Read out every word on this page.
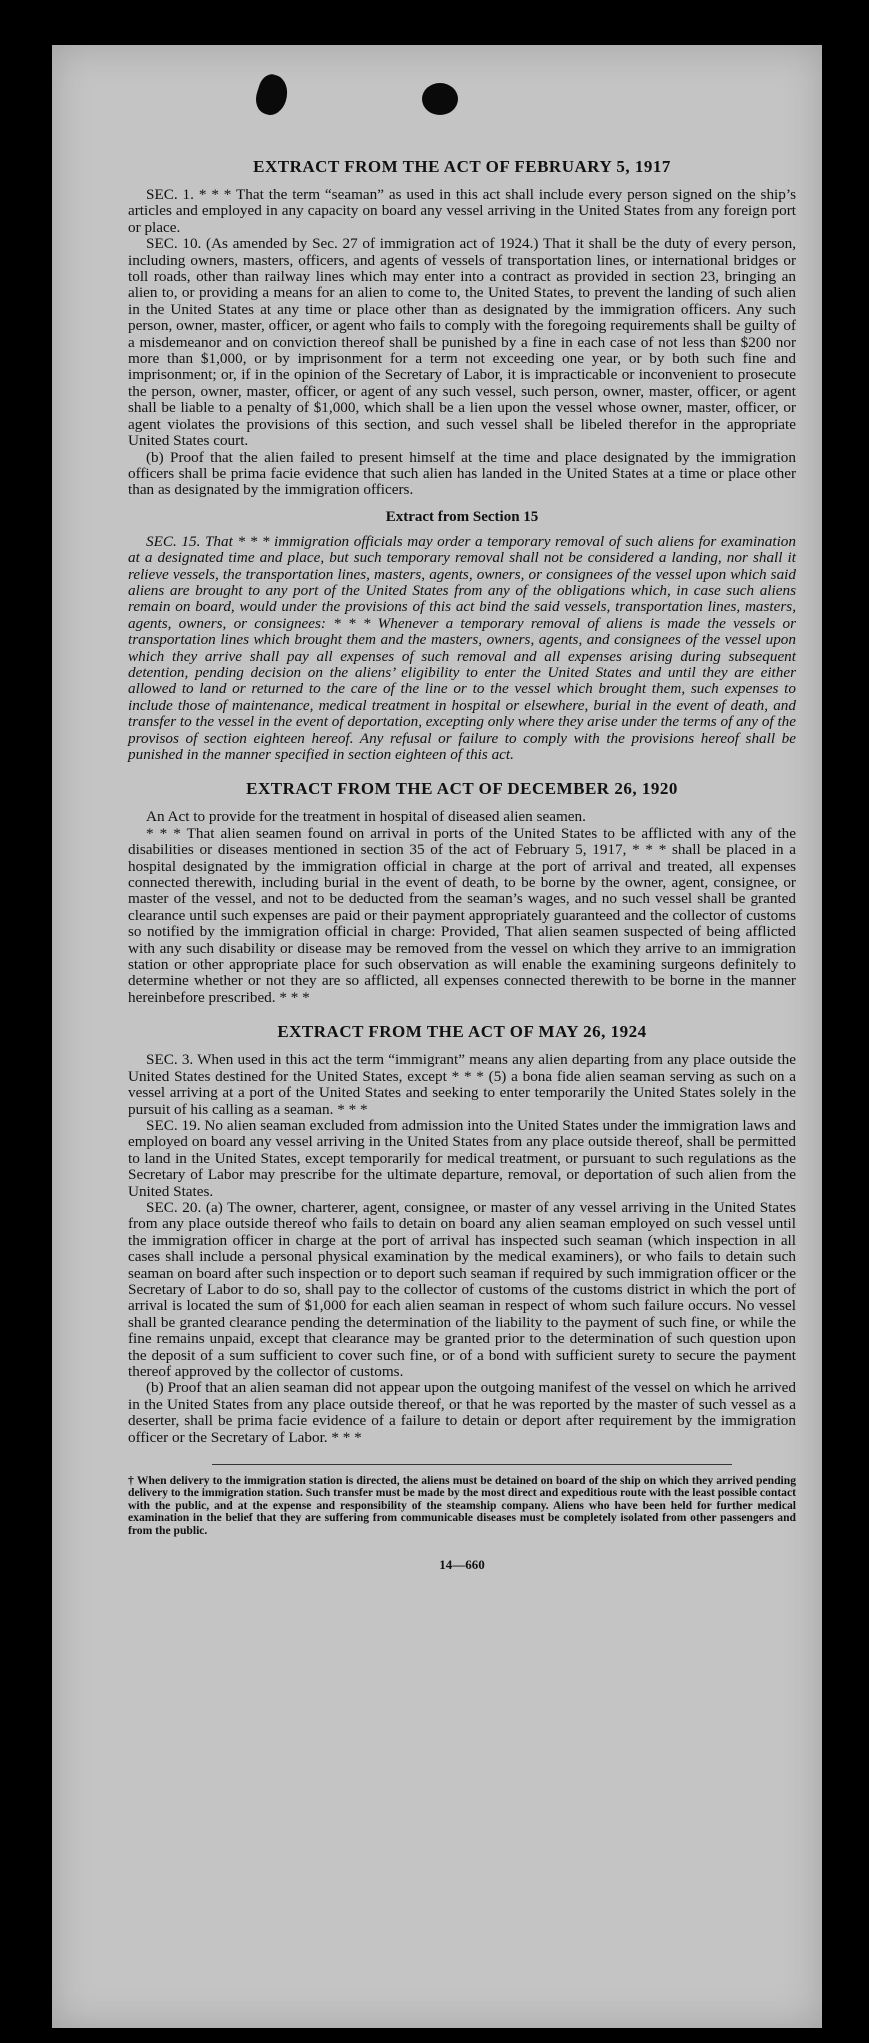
EXTRACT FROM THE ACT OF FEBRUARY 5, 1917

SEC. 1. * * * That the term “seaman” as used in this act shall include every person signed on the ship’s articles and employed in any capacity on board any vessel arriving in the United States from any foreign port or place.

SEC. 10. (As amended by Sec. 27 of immigration act of 1924.) That it shall be the duty of every person, including owners, masters, officers, and agents of vessels of transportation lines, or international bridges or toll roads, other than railway lines which may enter into a contract as provided in section 23, bringing an alien to, or providing a means for an alien to come to, the United States, to prevent the landing of such alien in the United States at any time or place other than as designated by the immigration officers. Any such person, owner, master, officer, or agent who fails to comply with the foregoing requirements shall be guilty of a misdemeanor and on conviction thereof shall be punished by a fine in each case of not less than $200 nor more than $1,000, or by imprisonment for a term not exceeding one year, or by both such fine and imprisonment; or, if in the opinion of the Secretary of Labor, it is impracticable or inconvenient to prosecute the person, owner, master, officer, or agent of any such vessel, such person, owner, master, officer, or agent shall be liable to a penalty of $1,000, which shall be a lien upon the vessel whose owner, master, officer, or agent violates the provisions of this section, and such vessel shall be libeled therefor in the appropriate United States court.

(b) Proof that the alien failed to present himself at the time and place designated by the immigration officers shall be prima facie evidence that such alien has landed in the United States at a time or place other than as designated by the immigration officers.

Extract from Section 15

SEC. 15. That * * * immigration officials may order a temporary removal of such aliens for examination at a designated time and place, but such temporary removal shall not be considered a landing, nor shall it relieve vessels, the transportation lines, masters, agents, owners, or consignees of the vessel upon which said aliens are brought to any port of the United States from any of the obligations which, in case such aliens remain on board, would under the provisions of this act bind the said vessels, transportation lines, masters, agents, owners, or consignees: * * * Whenever a temporary removal of aliens is made the vessels or transportation lines which brought them and the masters, owners, agents, and consignees of the vessel upon which they arrive shall pay all expenses of such removal and all expenses arising during subsequent detention, pending decision on the aliens’ eligibility to enter the United States and until they are either allowed to land or returned to the care of the line or to the vessel which brought them, such expenses to include those of maintenance, medical treatment in hospital or elsewhere, burial in the event of death, and transfer to the vessel in the event of deportation, excepting only where they arise under the terms of any of the provisos of section eighteen hereof. Any refusal or failure to comply with the provisions hereof shall be punished in the manner specified in section eighteen of this act.

EXTRACT FROM THE ACT OF DECEMBER 26, 1920

An Act to provide for the treatment in hospital of diseased alien seamen.

* * * That alien seamen found on arrival in ports of the United States to be afflicted with any of the disabilities or diseases mentioned in section 35 of the act of February 5, 1917, * * * shall be placed in a hospital designated by the immigration official in charge at the port of arrival and treated, all expenses connected therewith, including burial in the event of death, to be borne by the owner, agent, consignee, or master of the vessel, and not to be deducted from the seaman’s wages, and no such vessel shall be granted clearance until such expenses are paid or their payment appropriately guaranteed and the collector of customs so notified by the immigration official in charge: Provided, That alien seamen suspected of being afflicted with any such disability or disease may be removed from the vessel on which they arrive to an immigration station or other appropriate place for such observation as will enable the examining surgeons definitely to determine whether or not they are so afflicted, all expenses connected therewith to be borne in the manner hereinbefore prescribed. * * *

EXTRACT FROM THE ACT OF MAY 26, 1924

SEC. 3. When used in this act the term “immigrant” means any alien departing from any place outside the United States destined for the United States, except * * * (5) a bona fide alien seaman serving as such on a vessel arriving at a port of the United States and seeking to enter temporarily the United States solely in the pursuit of his calling as a seaman. * * *

SEC. 19. No alien seaman excluded from admission into the United States under the immigration laws and employed on board any vessel arriving in the United States from any place outside thereof, shall be permitted to land in the United States, except temporarily for medical treatment, or pursuant to such regulations as the Secretary of Labor may prescribe for the ultimate departure, removal, or deportation of such alien from the United States.

SEC. 20. (a) The owner, charterer, agent, consignee, or master of any vessel arriving in the United States from any place outside thereof who fails to detain on board any alien seaman employed on such vessel until the immigration officer in charge at the port of arrival has inspected such seaman (which inspection in all cases shall include a personal physical examination by the medical examiners), or who fails to detain such seaman on board after such inspection or to deport such seaman if required by such immigration officer or the Secretary of Labor to do so, shall pay to the collector of customs of the customs district in which the port of arrival is located the sum of $1,000 for each alien seaman in respect of whom such failure occurs. No vessel shall be granted clearance pending the determination of the liability to the payment of such fine, or while the fine remains unpaid, except that clearance may be granted prior to the determination of such question upon the deposit of a sum sufficient to cover such fine, or of a bond with sufficient surety to secure the payment thereof approved by the collector of customs.

(b) Proof that an alien seaman did not appear upon the outgoing manifest of the vessel on which he arrived in the United States from any place outside thereof, or that he was reported by the master of such vessel as a deserter, shall be prima facie evidence of a failure to detain or deport after requirement by the immigration officer or the Secretary of Labor. * * *

† When delivery to the immigration station is directed, the aliens must be detained on board of the ship on which they arrived pending delivery to the immigration station. Such transfer must be made by the most direct and expeditious route with the least possible contact with the public, and at the expense and responsibility of the steamship company. Aliens who have been held for further medical examination in the belief that they are suffering from communicable diseases must be completely isolated from other passengers and from the public.
14—660
